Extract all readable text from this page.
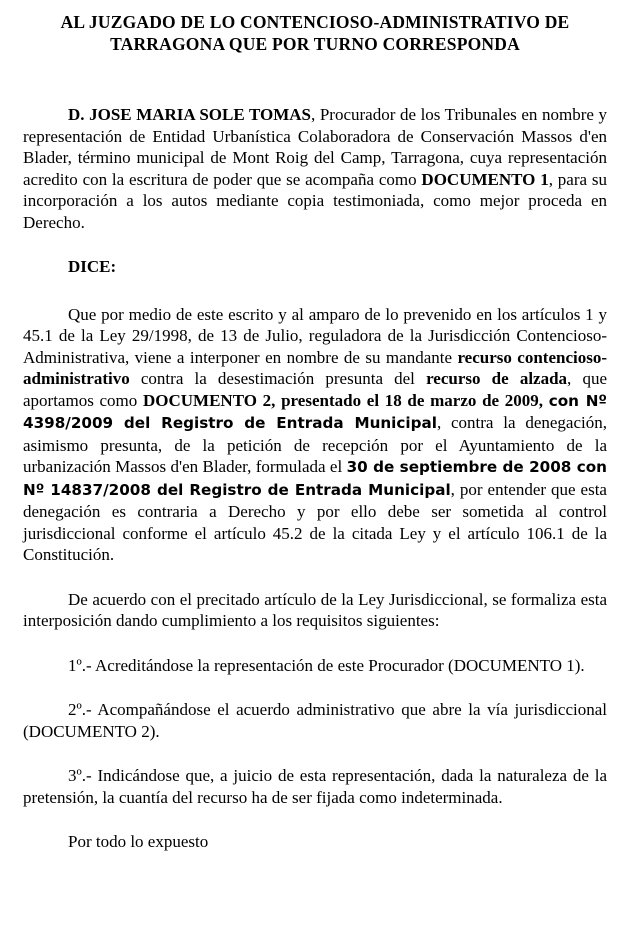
AL JUZGADO DE LO CONTENCIOSO-ADMINISTRATIVO DE
TARRAGONA QUE POR TURNO CORRESPONDA

D. JOSE MARIA SOLE TOMAS, Procurador de los Tribunales en nombre y representación de Entidad Urbanística Colaboradora de Conservación Massos d'en Blader, término municipal de Mont Roig del Camp, Tarragona, cuya representación acredito con la escritura de poder que se acompaña como DOCUMENTO 1, para su incorporación a los autos mediante copia testimoniada, como mejor proceda en Derecho.

DICE:

Que por medio de este escrito y al amparo de lo prevenido en los artículos 1 y 45.1 de la Ley 29/1998, de 13 de Julio, reguladora de la Jurisdicción Contencioso-Administrativa, viene a interponer en nombre de su mandante recurso contencioso-administrativo contra la desestimación presunta del recurso de alzada, que aportamos como DOCUMENTO 2, presentado el 18 de marzo de 2009, con Nº 4398/2009 del Registro de Entrada Municipal, contra la denegación, asimismo presunta, de la petición de recepción por el Ayuntamiento de la urbanización Massos d'en Blader, formulada el 30 de septiembre de 2008 con Nº 14837/2008 del Registro de Entrada Municipal, por entender que esta denegación es contraria a Derecho y por ello debe ser sometida al control jurisdiccional conforme el artículo 45.2 de la citada Ley y el artículo 106.1 de la Constitución.

De acuerdo con el precitado artículo de la Ley Jurisdiccional, se formaliza esta interposición dando cumplimiento a los requisitos siguientes:

1º.- Acreditándose la representación de este Procurador (DOCUMENTO 1).

2º.- Acompañándose el acuerdo administrativo que abre la vía jurisdiccional (DOCUMENTO 2).

3º.- Indicándose que, a juicio de esta representación, dada la naturaleza de la pretensión, la cuantía del recurso ha de ser fijada como indeterminada.

Por todo lo expuesto
